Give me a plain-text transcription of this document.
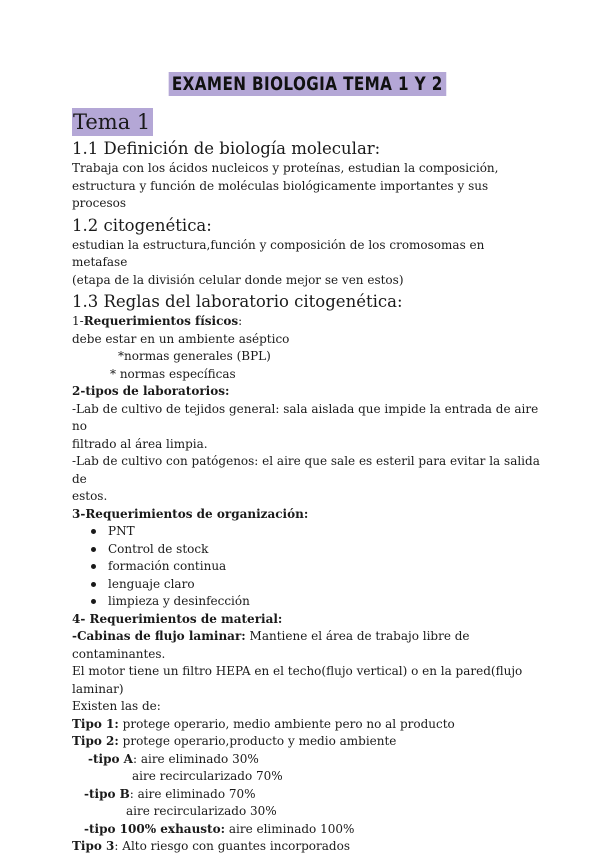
EXAMEN BIOLOGIA TEMA 1 Y 2
Tema 1
1.1 Definición de biología molecular:

Trabaja con los ácidos nucleicos y proteínas, estudian la composición,

estructura y función de moléculas biológicamente importantes y sus procesos

1.2 citogenética:

estudian la estructura,función y composición de los cromosomas en metafase

(etapa de la división celular donde mejor se ven estos)

1.3 Reglas del laboratorio citogenética:

1-Requerimientos físicos:

debe estar en un ambiente aséptico

*normas generales (BPL)

* normas específicas

2-tipos de laboratorios:

-Lab de cultivo de tejidos general: sala aislada que impide la entrada de aire no

filtrado al área limpia.

-Lab de cultivo con patógenos: el aire que sale es esteril para evitar la salida de

estos.

3-Requerimientos de organización:

PNT
Control de stock
formación continua
lenguaje claro
limpieza y desinfección

4- Requerimientos de material:

-Cabinas de flujo laminar: Mantiene el área de trabajo libre de contaminantes.

El motor tiene un filtro HEPA en el techo(flujo vertical) o en la pared(flujo

laminar)

Existen las de:

Tipo 1: protege operario, medio ambiente pero no al producto

Tipo 2: protege operario,producto y medio ambiente

-tipo A: aire eliminado 30%

aire recircularizado 70%

-tipo B: aire eliminado 70%

aire recircularizado 30%

-tipo 100% exhausto: aire eliminado 100%

Tipo 3: Alto riesgo con guantes incorporados
